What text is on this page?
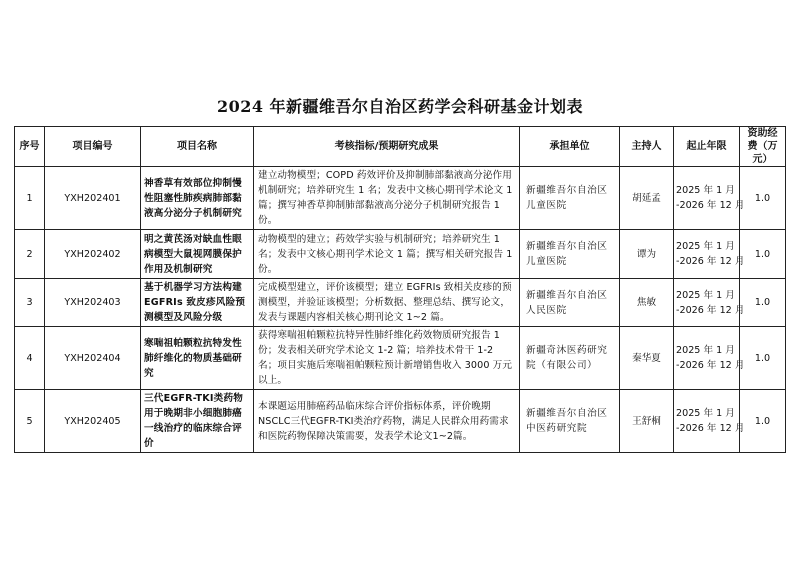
2024 年新疆维吾尔自治区药学会科研基金计划表
序号	项目编号	项目名称	考核指标/预期研究成果	承担单位	主持人	起止年限	资助经费（万元）
1	YXH202401	神香草有效部位抑制慢性阻塞性肺疾病肺部黏液高分泌分子机制研究	建立动物模型；COPD 药效评价及抑制肺部黏液高分泌作用机制研究；培养研究生 1 名；发表中文核心期刊学术论文 1 篇；撰写神香草抑制肺部黏液高分泌分子机制研究报告 1 份。	新疆维吾尔自治区儿童医院	胡延孟	2025 年 1 月
-2026 年 12 月	1.0
2	YXH202402	明之黄芪汤对缺血性眼病模型大鼠视网膜保护作用及机制研究	动物模型的建立；药效学实验与机制研究；培养研究生 1 名；发表中文核心期刊学术论文 1 篇；撰写相关研究报告 1 份。	新疆维吾尔自治区儿童医院	谭为	2025 年 1 月
-2026 年 12 月	1.0
3	YXH202403	基于机器学习方法构建 EGFRIs 致皮疹风险预测模型及风险分级	完成模型建立，评价该模型；建立 EGFRIs 致相关皮疹的预测模型，并验证该模型；分析数据、整理总结、撰写论文，发表与课题内容相关核心期刊论文 1~2 篇。	新疆维吾尔自治区人民医院	焦敏	2025 年 1 月
-2026 年 12 月	1.0
4	YXH202404	寒喘祖帕颗粒抗特发性肺纤维化的物质基础研究	获得寒喘祖帕颗粒抗特异性肺纤维化药效物质研究报告 1 份；发表相关研究学术论文 1-2 篇；培养技术骨干 1-2 名；项目实施后寒喘祖帕颗粒预计新增销售收入 3000 万元以上。	新疆奇沐医药研究院（有限公司）	秦华夏	2025 年 1 月
-2026 年 12 月	1.0
5	YXH202405	三代EGFR-TKI类药物用于晚期非小细胞肺癌一线治疗的临床综合评价	本课题运用肺癌药品临床综合评价指标体系，评价晚期 NSCLC三代EGFR-TKI类治疗药物，满足人民群众用药需求和医院药物保障决策需要，发表学术论文1~2篇。	新疆维吾尔自治区中医药研究院	王舒桐	2025 年 1 月
-2026 年 12 月	1.0
